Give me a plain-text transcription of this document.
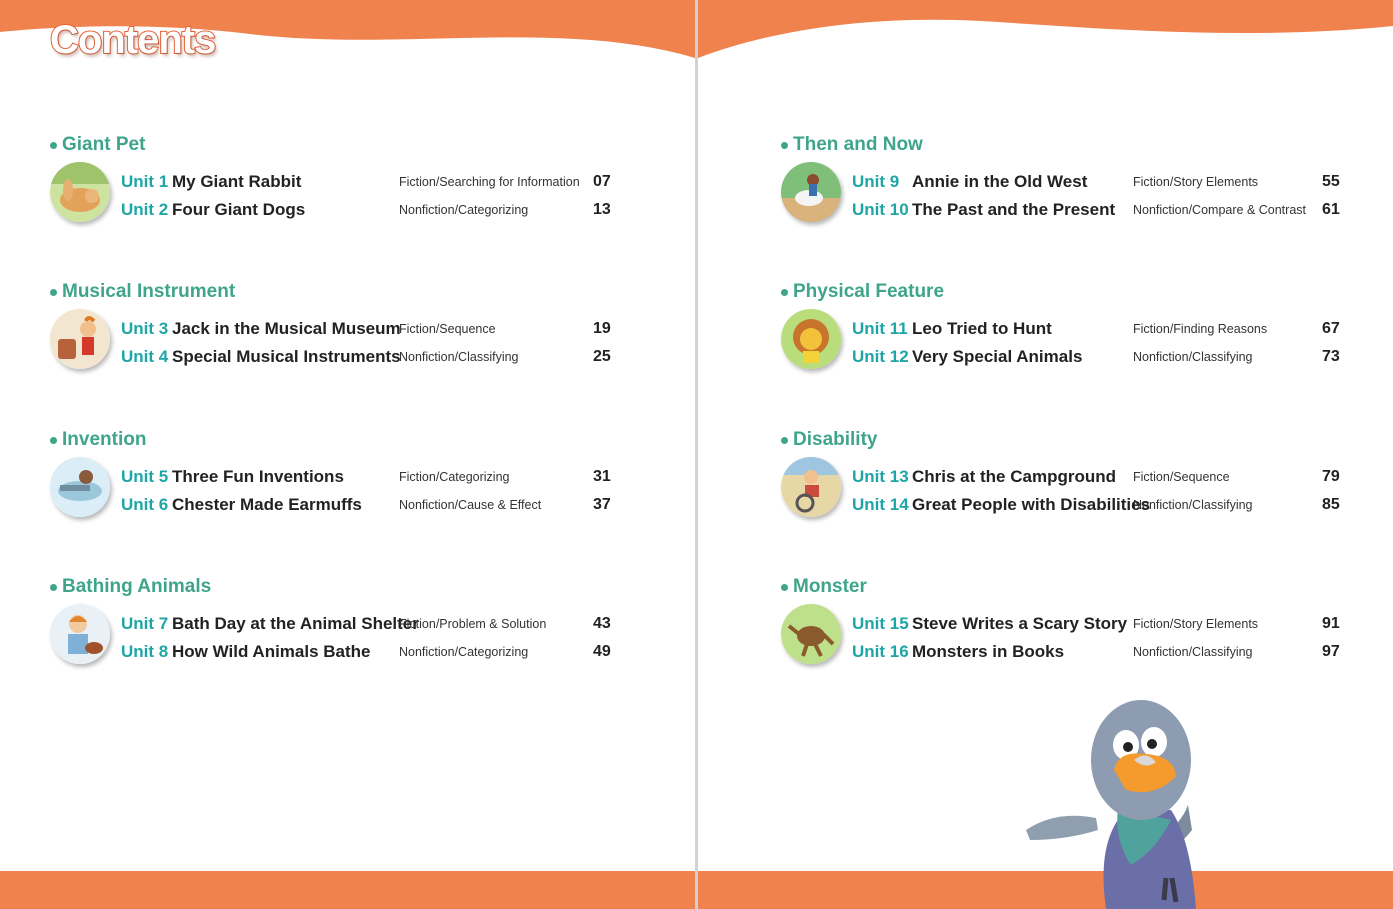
Contents
Giant Pet
Unit 1 My Giant Rabbit	Fiction/Searching for Information 07
Unit 2 Four Giant Dogs	Nonfiction/Categorizing	13
Musical Instrument
Unit 3 Jack in the Musical Museum
Fiction/Sequence	19
Unit 4 Special Musical Instruments
Nonfiction/Classifying	25
Invention
Unit 5 Three Fun Inventions	Fiction/Categorizing	31
Unit 6 Chester Made Earmuffs	Nonfiction/Cause & Effect	37
Bathing Animals
Unit 7 Bath Day at the Animal Shelter
Fiction/Problem & Solution	43
Unit 8 How Wild Animals Bathe Nonfiction/Categorizing	49
Then and Now
Unit 9 Annie in the Old West	Fiction/Story Elements	55
Unit 10 The Past and the Present Nonfiction/Compare & Contrast 61
Physical Feature
Unit 11 Leo Tried to Hunt	Fiction/Finding Reasons	67
Unit 12 Very Special Animals	Nonfiction/Classifying	73
Disability
Unit 13 Chris at the Campground Fiction/Sequence	79
Unit 14 Great People with Disabilities
Nonfiction/Classifying	85
Monster
Unit 15 Steve Writes a Scary Story Fiction/Story Elements	91
Unit 16 Monsters in Books	Nonfiction/Classifying	97
